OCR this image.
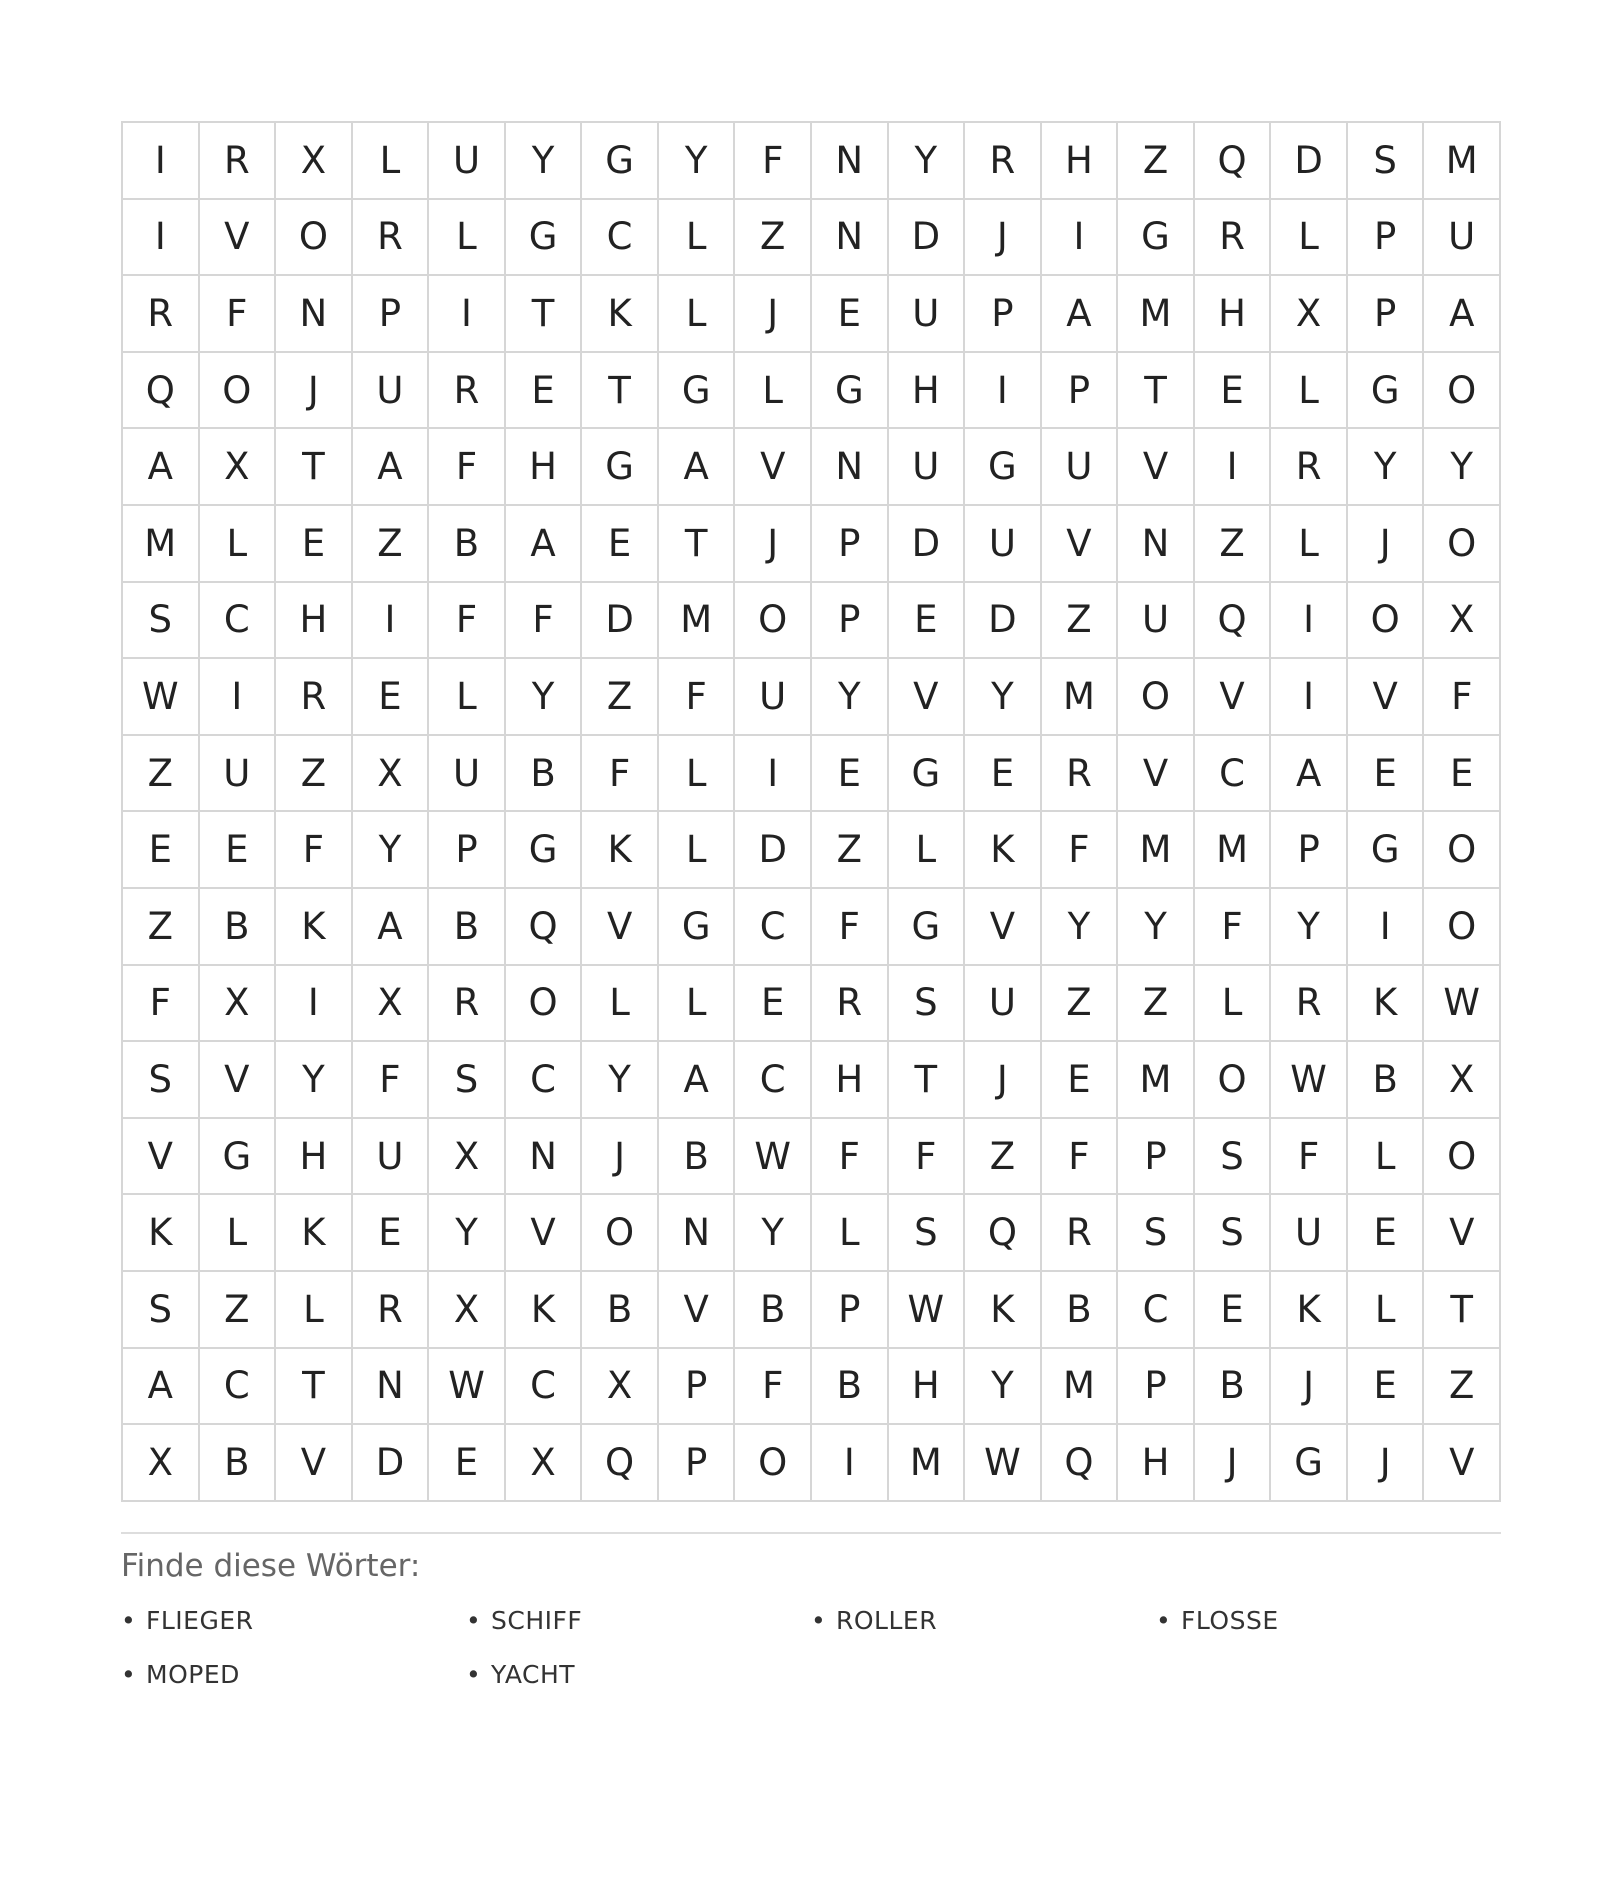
I	R	X	L	U	Y	G	Y	F	N	Y	R	H	Z	Q	D	S	M
I	V	O	R	L	G	C	L	Z	N	D	J	I	G	R	L	P	U
R	F	N	P	I	T	K	L	J	E	U	P	A	M	H	X	P	A
Q	O	J	U	R	E	T	G	L	G	H	I	P	T	E	L	G	O
A	X	T	A	F	H	G	A	V	N	U	G	U	V	I	R	Y	Y
M	L	E	Z	B	A	E	T	J	P	D	U	V	N	Z	L	J	O
S	C	H	I	F	F	D	M	O	P	E	D	Z	U	Q	I	O	X
W	I	R	E	L	Y	Z	F	U	Y	V	Y	M	O	V	I	V	F
Z	U	Z	X	U	B	F	L	I	E	G	E	R	V	C	A	E	E
E	E	F	Y	P	G	K	L	D	Z	L	K	F	M	M	P	G	O
Z	B	K	A	B	Q	V	G	C	F	G	V	Y	Y	F	Y	I	O
F	X	I	X	R	O	L	L	E	R	S	U	Z	Z	L	R	K	W
S	V	Y	F	S	C	Y	A	C	H	T	J	E	M	O	W	B	X
V	G	H	U	X	N	J	B	W	F	F	Z	F	P	S	F	L	O
K	L	K	E	Y	V	O	N	Y	L	S	Q	R	S	S	U	E	V
S	Z	L	R	X	K	B	V	B	P	W	K	B	C	E	K	L	T
A	C	T	N	W	C	X	P	F	B	H	Y	M	P	B	J	E	Z
X	B	V	D	E	X	Q	P	O	I	M	W	Q	H	J	G	J	V
Finde diese Wörter:
• FLIEGER	• SCHIFF	• ROLLER	• FLOSSE
• MOPED	• YACHT
